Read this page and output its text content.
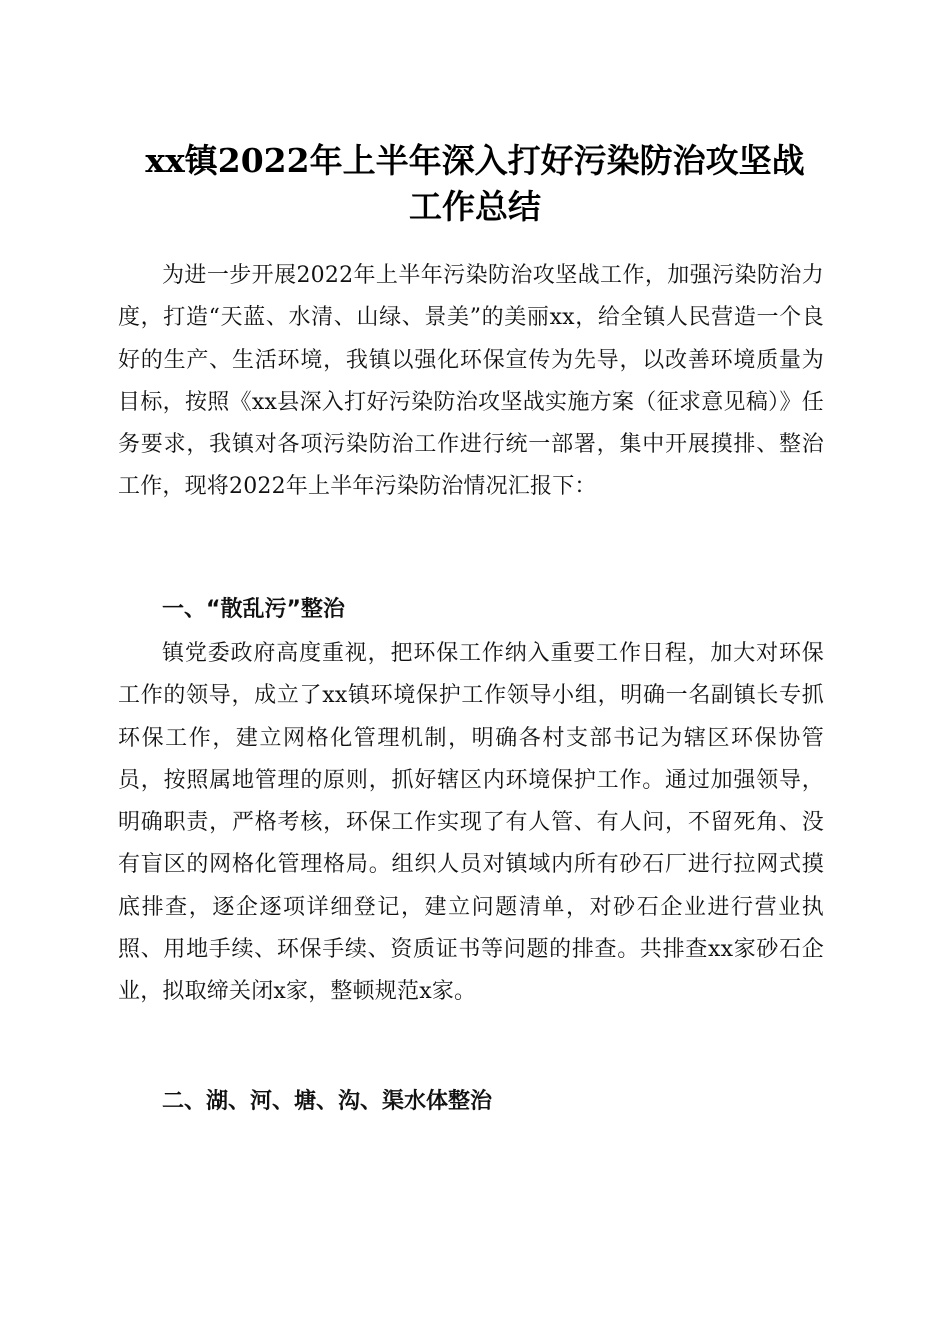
xx镇2022年上半年深入打好污染防治攻坚战
工作总结

为进一步开展2022年上半年污染防治攻坚战工作，加强污染防治力度，打造“天蓝、水清、山绿、景美”的美丽xx，给全镇人民营造一个良好的生产、生活环境，我镇以强化环保宣传为先导，以改善环境质量为目标，按照《xx县深入打好污染防治攻坚战实施方案（征求意见稿）》任务要求，我镇对各项污染防治工作进行统一部署，集中开展摸排、整治工作，现将2022年上半年污染防治情况汇报下：

一、“散乱污”整治

镇党委政府高度重视，把环保工作纳入重要工作日程，加大对环保工作的领导，成立了xx镇环境保护工作领导小组，明确一名副镇长专抓环保工作，建立网格化管理机制，明确各村支部书记为辖区环保协管员，按照属地管理的原则，抓好辖区内环境保护工作。通过加强领导，明确职责，严格考核，环保工作实现了有人管、有人问，不留死角、没有盲区的网格化管理格局。组织人员对镇域内所有砂石厂进行拉网式摸底排查，逐企逐项详细登记，建立问题清单，对砂石企业进行营业执照、用地手续、环保手续、资质证书等问题的排查。共排查xx家砂石企业，拟取缔关闭x家，整顿规范x家。

二、湖、河、塘、沟、渠水体整治
